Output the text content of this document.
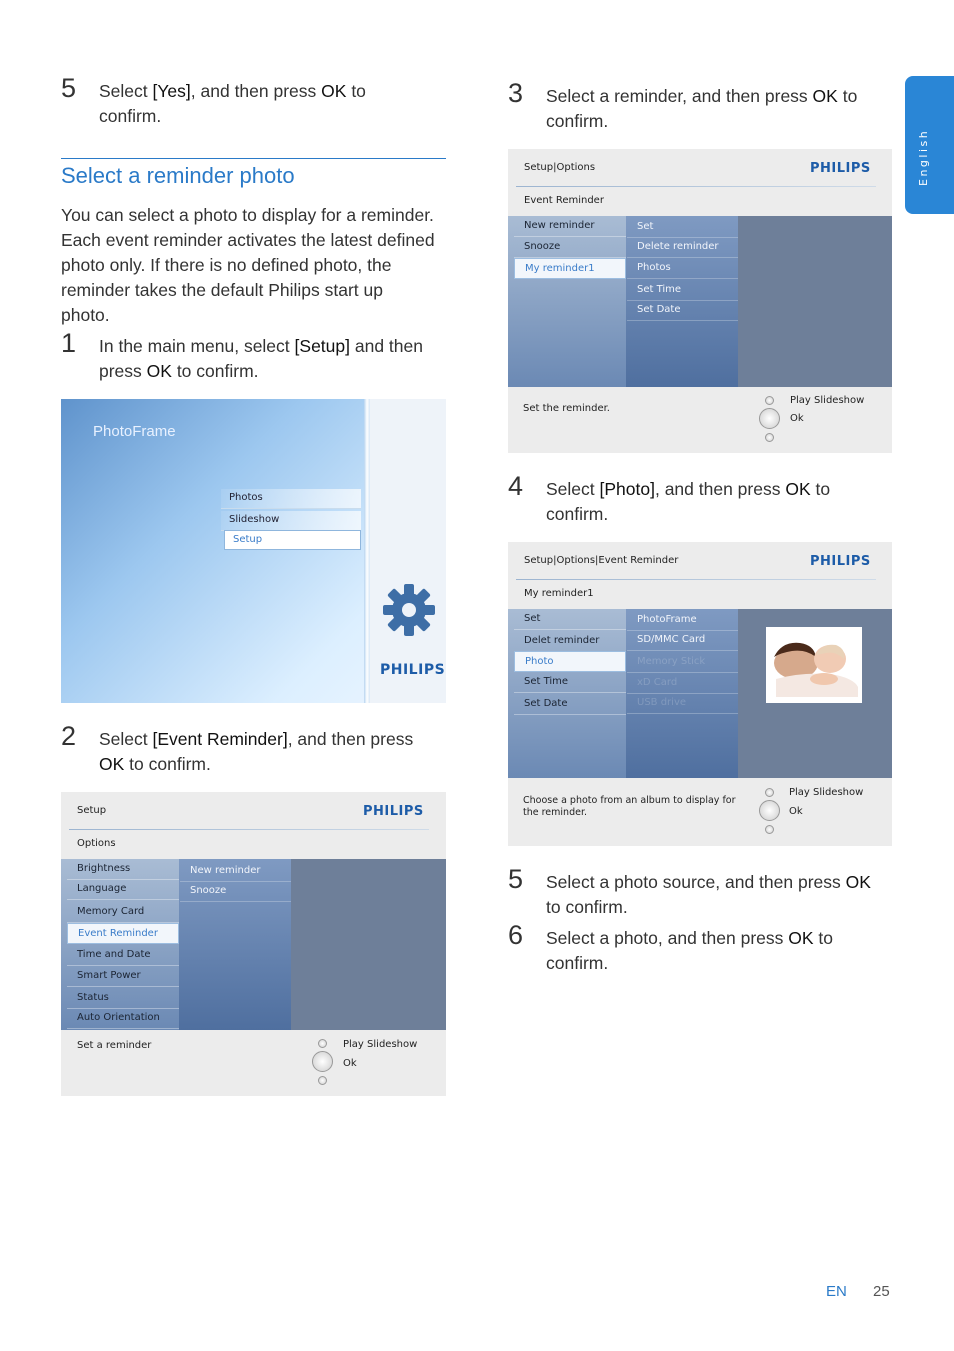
English
5 Select [Yes], and then press OK to
confirm.
Select a reminder photo
You can select a photo to display for a reminder.
Each event reminder activates the latest defined
photo only. If there is no defined photo, the
reminder takes the default Philips start up
photo.
1 In the main menu, select [Setup] and then
press OK to confirm.
PhotoFrame
Photos
Slideshow
Setup
PHILIPS
2 Select [Event Reminder], and then press
OK to confirm.
Setup	PHILIPS
Options
Brightness
Language
Memory Card
Event Reminder
Time and Date
Smart Power
Status
Auto Orientation
New reminder
Snooze
Set a reminder	Play Slideshow
Ok
3 Select a reminder, and then press OK to
confirm.
Setup|Options	PHILIPS
Event Reminder
New reminder
Snooze
My reminder1
Set
Delete reminder
Photos
Set Time
Set Date
Set the reminder.
Play Slideshow
Ok
4 Select [Photo], and then press OK to
confirm.
Setup|Options|Event Reminder	PHILIPS
My reminder1
Set
Delet reminder
Photo
Set Time
Set Date
PhotoFrame
SD/MMC Card
Memory Stick
xD Card
USB drive
Choose a photo from an album to display for
the reminder.
Play Slideshow
Ok
5 Select a photo source, and then press OK
to confirm.
6 Select a photo, and then press OK to
confirm.
EN 25
